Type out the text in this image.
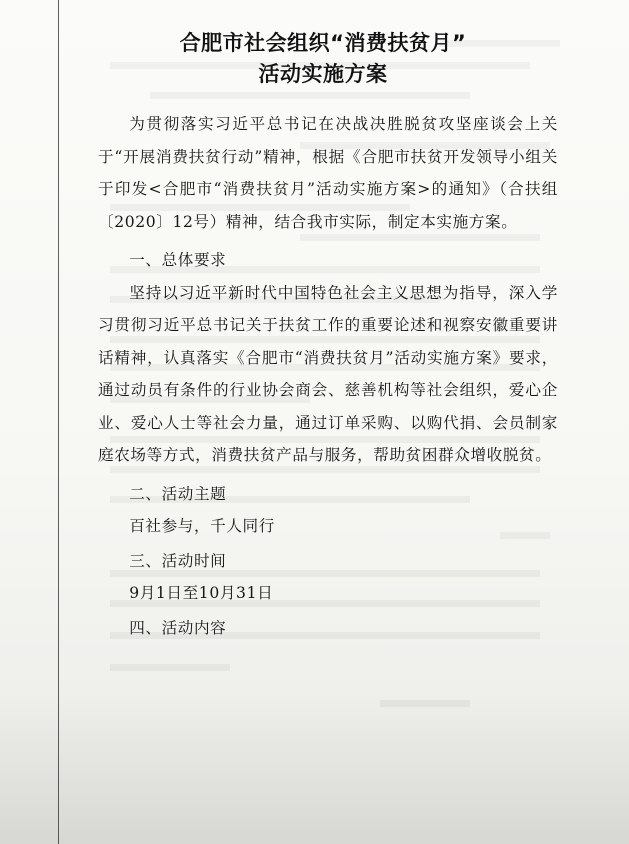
合肥市社会组织“消费扶贫月”
活动实施方案

为贯彻落实习近平总书记在决战决胜脱贫攻坚座谈会上关于“开展消费扶贫行动”精神，根据《合肥市扶贫开发领导小组关于印发<合肥市“消费扶贫月”活动实施方案>的通知》（合扶组〔2020〕12号）精神，结合我市实际，制定本实施方案。

一、总体要求

坚持以习近平新时代中国特色社会主义思想为指导，深入学习贯彻习近平总书记关于扶贫工作的重要论述和视察安徽重要讲话精神，认真落实《合肥市“消费扶贫月”活动实施方案》要求，通过动员有条件的行业协会商会、慈善机构等社会组织，爱心企业、爱心人士等社会力量，通过订单采购、以购代捐、会员制家庭农场等方式，消费扶贫产品与服务，帮助贫困群众增收脱贫。

二、活动主题
百社参与，千人同行
三、活动时间
9月1日至10月31日
四、活动内容
